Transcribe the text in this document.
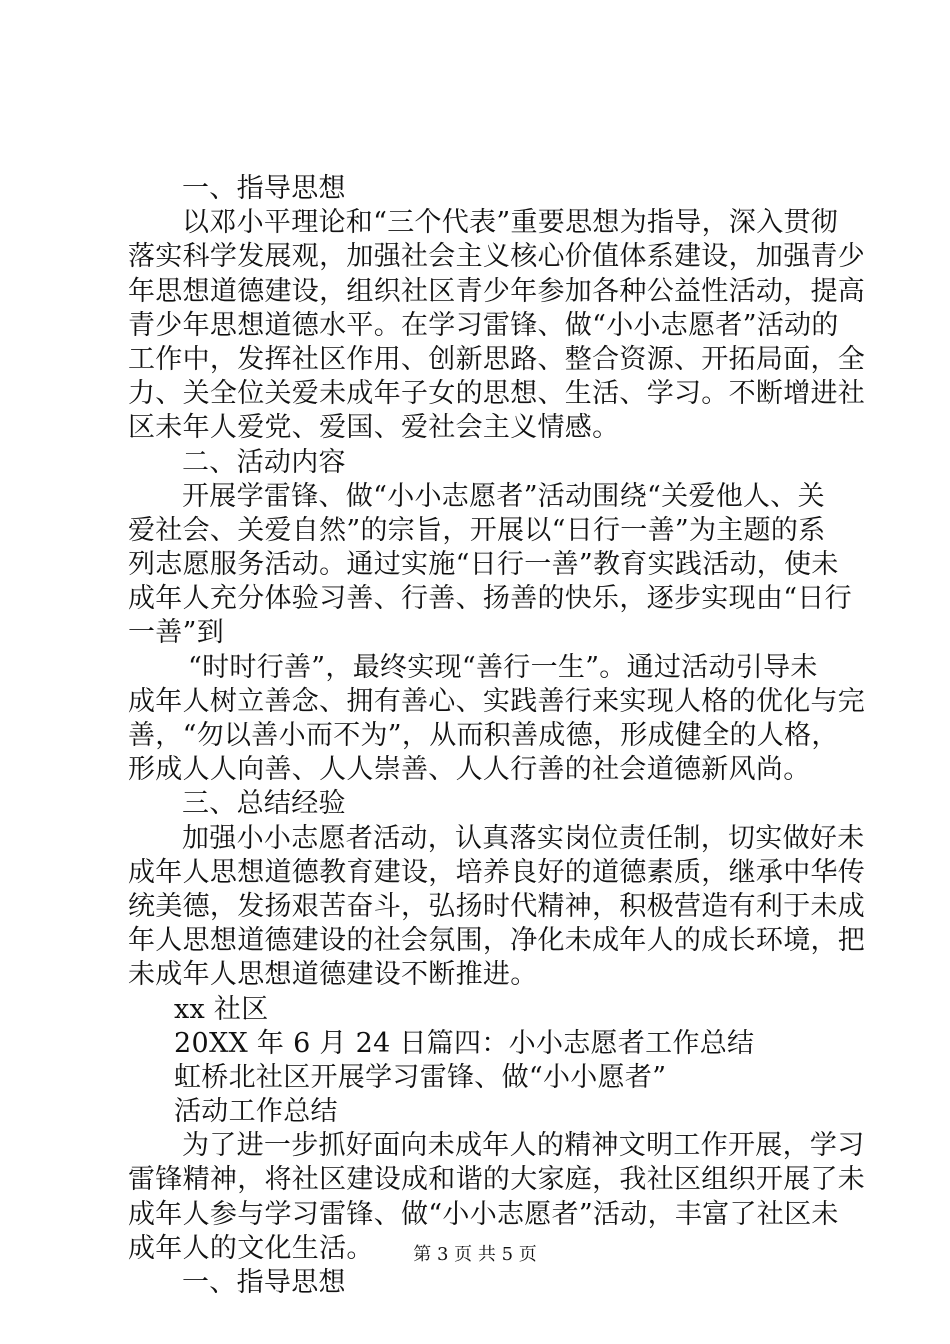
一、指导思想
以邓小平理论和“三个代表”重要思想为指导，深入贯彻
落实科学发展观，加强社会主义核心价值体系建设，加强青少
年思想道德建设，组织社区青少年参加各种公益性活动，提高
青少年思想道德水平。在学习雷锋、做“小小志愿者”活动的
工作中，发挥社区作用、创新思路、整合资源、开拓局面，全
力、关全位关爱未成年子女的思想、生活、学习。不断增进社
区未年人爱党、爱国、爱社会主义情感。
二、活动内容
开展学雷锋、做“小小志愿者”活动围绕“关爱他人、关
爱社会、关爱自然”的宗旨，开展以“日行一善”为主题的系
列志愿服务活动。通过实施“日行一善”教育实践活动，使未
成年人充分体验习善、行善、扬善的快乐，逐步实现由“日行
一善”到
“时时行善”，最终实现“善行一生”。通过活动引导未
成年人树立善念、拥有善心、实践善行来实现人格的优化与完
善，“勿以善小而不为”，从而积善成德，形成健全的人格，
形成人人向善、人人崇善、人人行善的社会道德新风尚。
三、总结经验
加强小小志愿者活动，认真落实岗位责任制，切实做好未
成年人思想道德教育建设，培养良好的道德素质，继承中华传
统美德，发扬艰苦奋斗，弘扬时代精神，积极营造有利于未成
年人思想道德建设的社会氛围，净化未成年人的成长环境，把
未成年人思想道德建设不断推进。
xx 社区
20XX 年 6 月 24 日篇四：小小志愿者工作总结
虹桥北社区开展学习雷锋、做“小小愿者”
活动工作总结
为了进一步抓好面向未成年人的精神文明工作开展，学习
雷锋精神，将社区建设成和谐的大家庭，我社区组织开展了未
成年人参与学习雷锋、做“小小志愿者”活动，丰富了社区未
成年人的文化生活。
一、指导思想
第 3 页 共 5 页
